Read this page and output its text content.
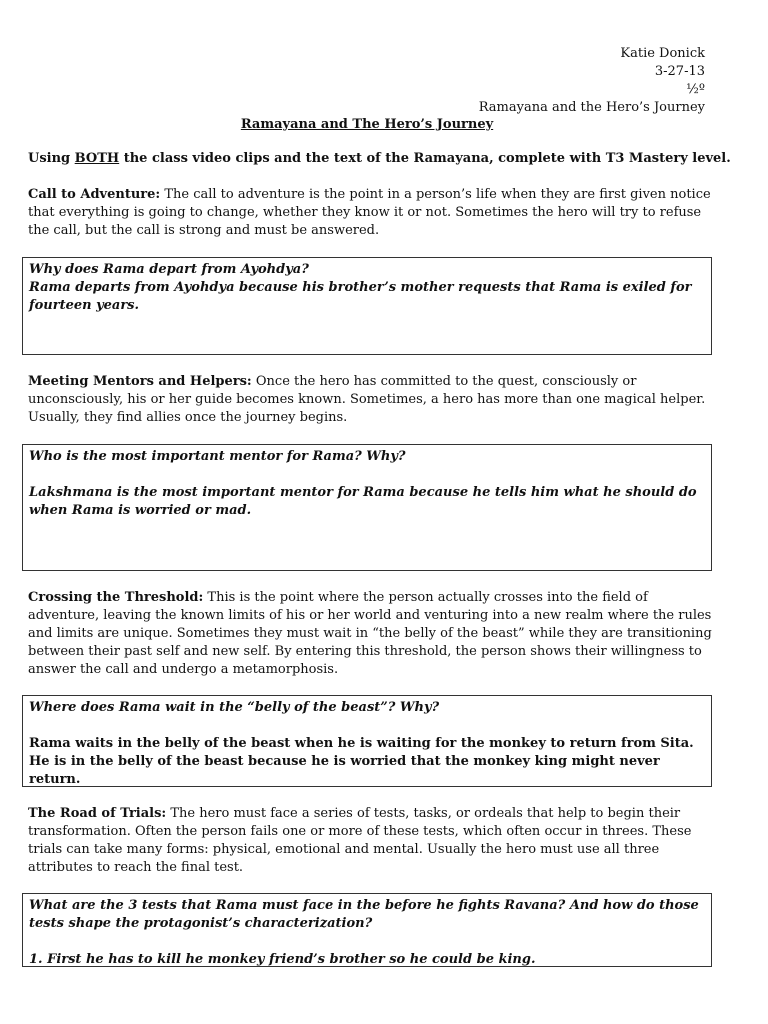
Katie Donick
3-27-13
½º
Ramayana and the Hero’s Journey
Ramayana and The Hero’s Journey
Using BOTH the class video clips and the text of the Ramayana, complete with T3 Mastery level.
Call to Adventure: The call to adventure is the point in a person’s life when they are first given notice that everything is going to change, whether they know it or not. Sometimes the hero will try to refuse the call, but the call is strong and must be answered.
Why does Rama depart from Ayohdya?
Rama departs from Ayohdya because his brother’s mother requests that Rama is exiled for fourteen years.
Meeting Mentors and Helpers: Once the hero has committed to the quest, consciously or unconsciously, his or her guide becomes known. Sometimes, a hero has more than one magical helper. Usually, they find allies once the journey begins.
Who is the most important mentor for Rama? Why?
Lakshmana is the most important mentor for Rama because he tells him what he should do when Rama is worried or mad.
Crossing the Threshold: This is the point where the person actually crosses into the field of adventure, leaving the known limits of his or her world and venturing into a new realm where the rules and limits are unique. Sometimes they must wait in “the belly of the beast” while they are transitioning between their past self and new self. By entering this threshold, the person shows their willingness to answer the call and undergo a metamorphosis.
Where does Rama wait in the “belly of the beast”? Why?
Rama waits in the belly of the beast when he is waiting for the monkey to return from Sita. He is in the belly of the beast because he is worried that the monkey king might never return.
The Road of Trials: The hero must face a series of tests, tasks, or ordeals that help to begin their transformation. Often the person fails one or more of these tests, which often occur in threes. These trials can take many forms: physical, emotional and mental. Usually the hero must use all three attributes to reach the final test.
What are the 3 tests that Rama must face in the before he fights Ravana? And how do those tests shape the protagonist’s characterization?
1. First he has to kill he monkey friend’s brother so he could be king.
